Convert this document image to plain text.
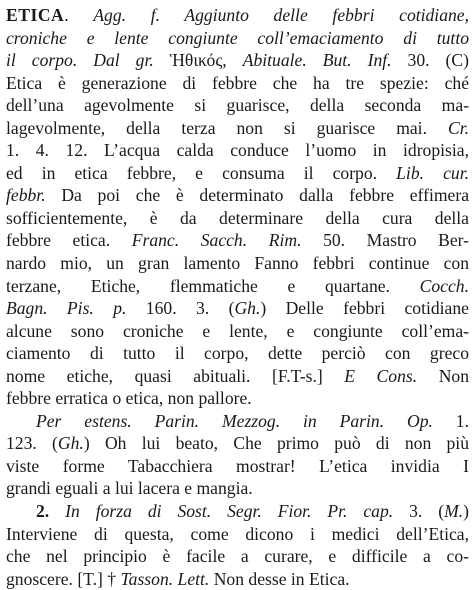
ETICA. Agg. f. Aggiunto delle febbri cotidiane,
croniche e lente congiunte coll’emaciamento di tutto
il corpo. Dal gr. Ἡθικός, Abituale. But. Inf. 30. (C)
Etica è generazione di febbre che ha tre spezie: ché
dell’una agevolmente si guarisce, della seconda ma-
lagevolmente, della terza non si guarisce mai. Cr.
1. 4. 12. L’acqua calda conduce l’uomo in idropisia,
ed in etica febbre, e consuma il corpo. Lib. cur.
febbr. Da poi che è determinato dalla febbre effimera
sofficientemente, è da determinare della cura della
febbre etica. Franc. Sacch. Rim. 50. Mastro Ber-
nardo mio, un gran lamento Fanno febbri continue con
terzane, Etiche, flemmatiche e quartane. Cocch.
Bagn. Pis. p. 160. 3. (Gh.) Delle febbri cotidiane
alcune sono croniche e lente, e congiunte coll’ema-
ciamento di tutto il corpo, dette perciò con greco
nome etiche, quasi abituali. [F.T-s.] E Cons. Non
febbre erratica o etica, non pallore.
Per estens. Parin. Mezzog. in Parin. Op. 1.
123. (Gh.) Oh lui beato, Che primo può di non più
viste forme Tabacchiera mostrar! L’etica invidia I
grandi eguali a lui lacera e mangia.
2. In forza di Sost. Segr. Fior. Pr. cap. 3. (M.)
Interviene di questa, come dicono i medici dell’Etica,
che nel principio è facile a curare, e difficile a co-
gnoscere. [T.] † Tasson. Lett. Non desse in Etica.
